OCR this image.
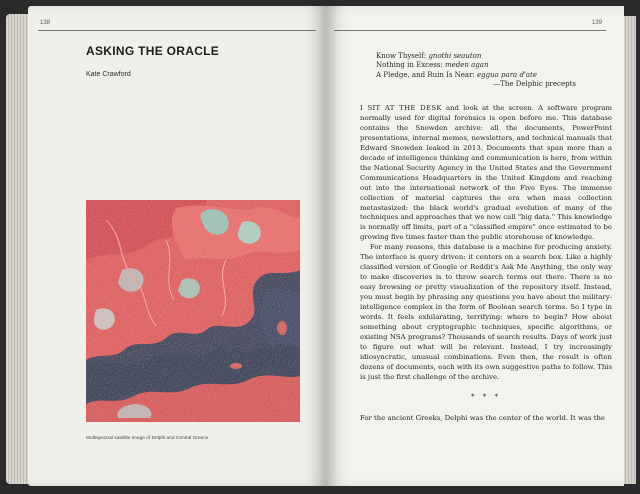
138
ASKING THE ORACLE
Kate Crawford
Multispectral satellite image of Delphi and Central Greece
139
Know Thyself: gnothi seauton
Nothing in Excess: meden agan
A Pledge, and Ruin Is Near: eggua para d'ate
—The Delphic precepts

I SIT AT THE DESK and look at the screen. A software program normally used for digital forensics is open before me. This database contains the Snowden archive: all the documents, PowerPoint presentations, internal memos, newsletters, and technical manuals that Edward Snowden leaked in 2013. Documents that span more than a decade of intelligence thinking and communication is here, from within the National Security Agency in the United States and the Government Communications Headquarters in the United Kingdom and reaching out into the international network of the Five Eyes. The immense collection of material captures the era when mass collection metastasized: the black world's gradual evolution of many of the techniques and approaches that we now call "big data." This knowledge is normally off limits, part of a "classified empire" once estimated to be growing five times faster than the public storehouse of knowledge.

For many reasons, this database is a machine for producing anxiety. The interface is query driven: it centers on a search box. Like a highly classified version of Google or Reddit's Ask Me Anything, the only way to make discoveries is to throw search terms out there. There is no easy browsing or pretty visualization of the repository itself. Instead, you must begin by phrasing any questions you have about the military-intelligence complex in the form of Boolean search terms. So I type in words. It feels exhilarating, terrifying: where to begin? How about something about cryptographic techniques, specific algorithms, or existing NSA programs? Thousands of search results. Days of work just to figure out what will be relevant. Instead, I try increasingly idiosyncratic, unusual combinations. Even then, the result is often dozens of documents, each with its own suggestive paths to follow. This is just the first challenge of the archive.

* * *

For the ancient Greeks, Delphi was the center of the world. It was the
